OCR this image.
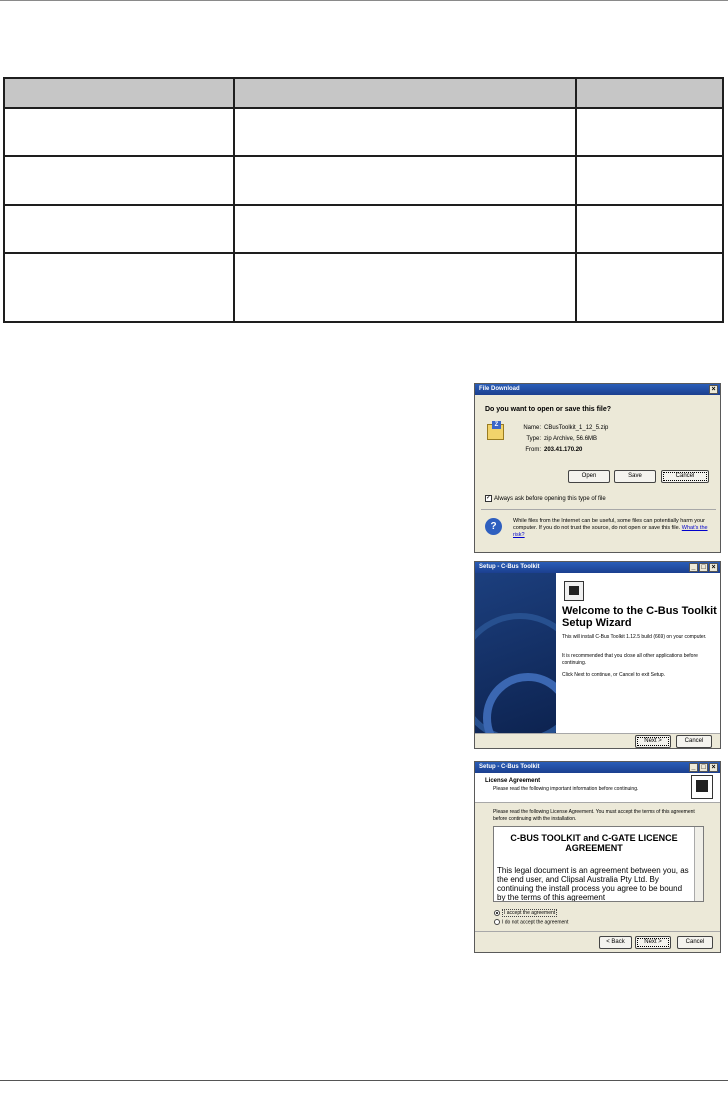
File Download	×
Do you want to open or save this file?
Z	Name: CBusToolkit_1_12_5.zip
Type: zip Archive, 56.6MB
From: 203.41.170.20
Open	Save	Cancel
✓ Always ask before opening this type of file
?	While files from the Internet can be useful, some files can potentially harm your computer. If you do not trust the source, do not open or save this file. What's the risk?
Setup - C-Bus Toolkit	_ □ ×
Welcome to the C-Bus Toolkit Setup Wizard
This will install C-Bus Toolkit 1.12.5 build (669) on your computer.
It is recommended that you close all other applications before continuing.
Click Next to continue, or Cancel to exit Setup.
Next >	Cancel
Setup - C-Bus Toolkit	_ □ ×
License Agreement
Please read the following important information before continuing.
Please read the following License Agreement. You must accept the terms of this agreement before continuing with the installation.
C-BUS TOOLKIT and C-GATE LICENCE AGREEMENT
This legal document is an agreement between you, as the end user, and Clipsal Australia Pty Ltd. By continuing the install process you agree to be bound by the terms of this agreement
I accept the agreement
I do not accept the agreement
< Back	Next >	Cancel
